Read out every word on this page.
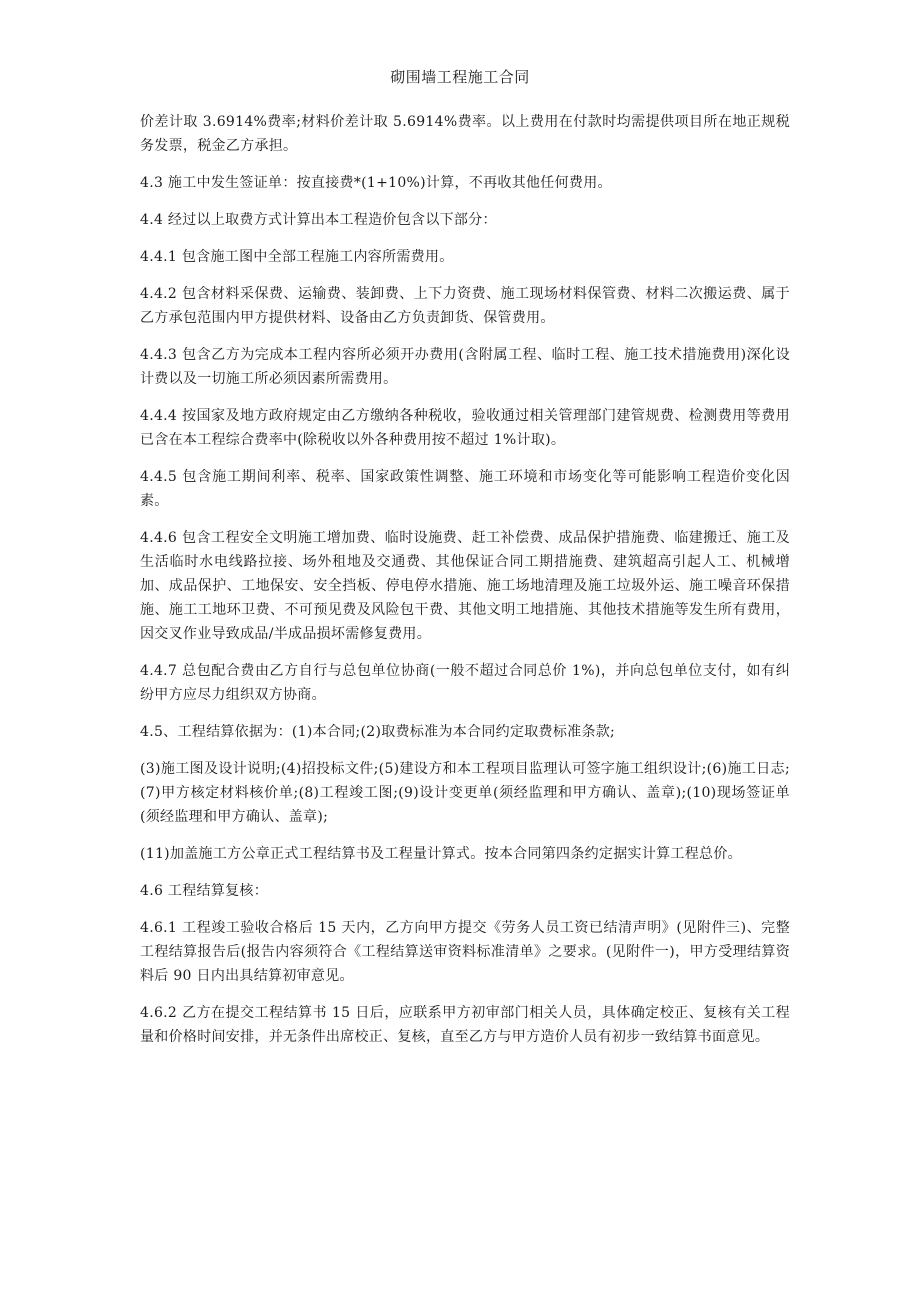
砌围墙工程施工合同

价差计取 3.6914%费率;材料价差计取 5.6914%费率。以上费用在付款时均需提供项目所在地正规税务发票，税金乙方承担。

4.3 施工中发生签证单：按直接费*(1+10%)计算，不再收其他任何费用。

4.4 经过以上取费方式计算出本工程造价包含以下部分：

4.4.1 包含施工图中全部工程施工内容所需费用。

4.4.2 包含材料采保费、运输费、装卸费、上下力资费、施工现场材料保管费、材料二次搬运费、属于乙方承包范围内甲方提供材料、设备由乙方负责卸货、保管费用。

4.4.3 包含乙方为完成本工程内容所必须开办费用(含附属工程、临时工程、施工技术措施费用)深化设计费以及一切施工所必须因素所需费用。

4.4.4 按国家及地方政府规定由乙方缴纳各种税收，验收通过相关管理部门建管规费、检测费用等费用已含在本工程综合费率中(除税收以外各种费用按不超过 1%计取)。

4.4.5 包含施工期间利率、税率、国家政策性调整、施工环境和市场变化等可能影响工程造价变化因素。

4.4.6 包含工程安全文明施工增加费、临时设施费、赶工补偿费、成品保护措施费、临建搬迁、施工及生活临时水电线路拉接、场外租地及交通费、其他保证合同工期措施费、建筑超高引起人工、机械增加、成品保护、工地保安、安全挡板、停电停水措施、施工场地清理及施工垃圾外运、施工噪音环保措施、施工工地环卫费、不可预见费及风险包干费、其他文明工地措施、其他技术措施等发生所有费用，因交叉作业导致成品/半成品损坏需修复费用。

4.4.7 总包配合费由乙方自行与总包单位协商(一般不超过合同总价 1%)，并向总包单位支付，如有纠纷甲方应尽力组织双方协商。

4.5、工程结算依据为：(1)本合同;(2)取费标准为本合同约定取费标准条款;

(3)施工图及设计说明;(4)招投标文件;(5)建设方和本工程项目监理认可签字施工组织设计;(6)施工日志;(7)甲方核定材料核价单;(8)工程竣工图;(9)设计变更单(须经监理和甲方确认、盖章);(10)现场签证单(须经监理和甲方确认、盖章);

(11)加盖施工方公章正式工程结算书及工程量计算式。按本合同第四条约定据实计算工程总价。

4.6 工程结算复核：

4.6.1 工程竣工验收合格后 15 天内，乙方向甲方提交《劳务人员工资已结清声明》(见附件三)、完整工程结算报告后(报告内容须符合《工程结算送审资料标准清单》之要求。(见附件一)，甲方受理结算资料后 90 日内出具结算初审意见。

4.6.2 乙方在提交工程结算书 15 日后，应联系甲方初审部门相关人员，具体确定校正、复核有关工程量和价格时间安排，并无条件出席校正、复核，直至乙方与甲方造价人员有初步一致结算书面意见。
